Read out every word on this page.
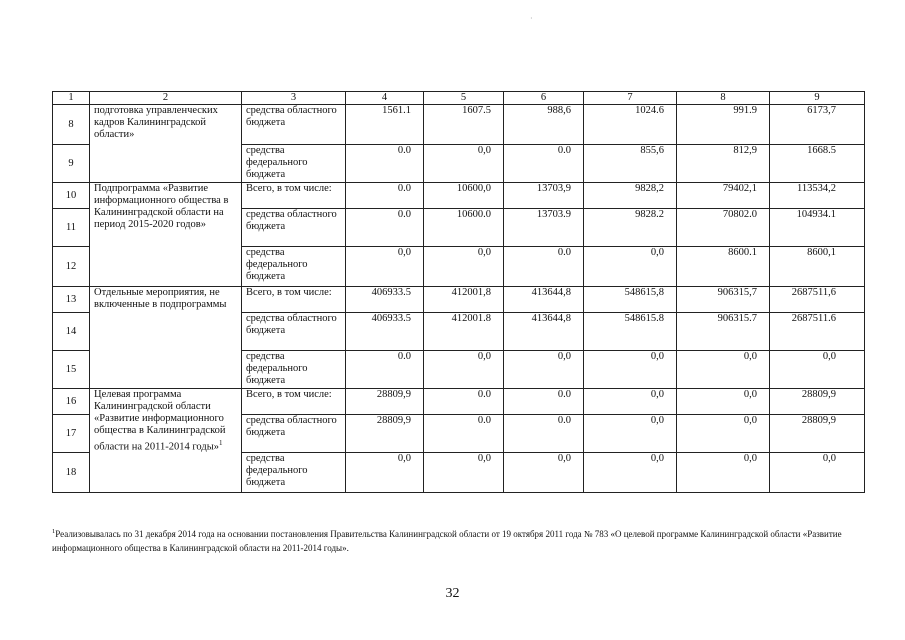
·
1	2	3	4	5	6	7	8	9
8	подготовка управленческих кадров Калининградской области»	средства областного бюджета	1561.1	1607.5	988,6	1024.6	991.9	6173,7
9		средства федерального бюджета	0.0	0,0	0.0	855,6	812,9	1668.5
10	Подпрограмма «Развитие информационного общества в Калининградской области на период 2015-2020 годов»	Всего, в том числе:	0.0	10600,0	13703,9	9828,2	79402,1	113534,2
11		средства областного бюджета	0.0	10600.0	13703.9	9828.2	70802.0	104934.1
12		средства федерального бюджета	0,0	0,0	0.0	0,0	8600.1	8600,1
13	Отдельные мероприятия, не включенные в подпрограммы	Всего, в том числе:	406933.5	412001,8	413644,8	548615,8	906315,7	2687511,6
14		средства областного бюджета	406933.5	412001.8	413644,8	548615.8	906315.7	2687511.6
15		средства федерального бюджета	0.0	0,0	0,0	0,0	0,0	0,0
16	Целевая программа Калининградской области «Развитие информационного общества в Калининградской области на 2011-2014 годы»$^1$	Всего, в том числе:	28809,9	0.0	0.0	0,0	0,0	28809,9
17		средства областного бюджета	28809,9	0.0	0.0	0,0	0,0	28809,9
18		средства федерального бюджета	0,0	0,0	0,0	0,0	0,0	0,0
$^1$Реализовывалась по 31 декабря 2014 года на основании постановления Правительства Калининградской области от 19 октября 2011 года № 783 «О целевой программе Калининградской области «Развитие информационного общества в Калининградской области на 2011-2014 годы».
32
